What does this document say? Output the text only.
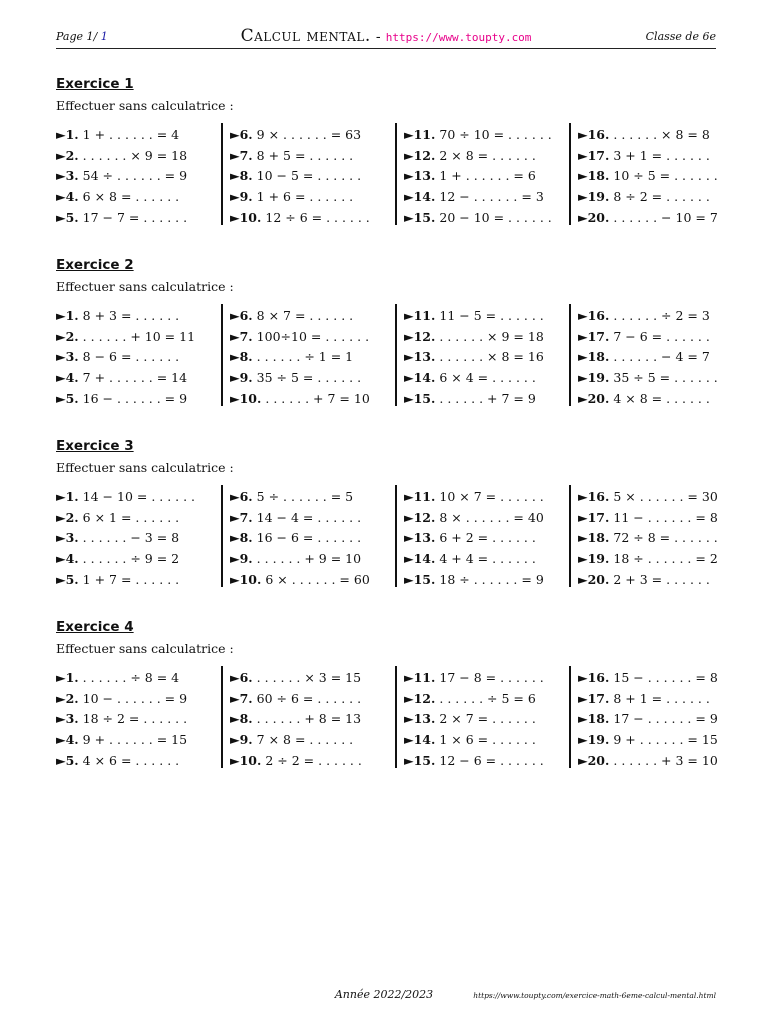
Page 1/ 1	Calcul mental. - https://www.toupty.com	Classe de 6e
Exercice 1
Effectuer sans calculatrice :
►1. 1 + . . . . . . = 4
►2. . . . . . . × 9 = 18
►3. 54 ÷ . . . . . . = 9
►4. 6 × 8 = . . . . . .
►5. 17 − 7 = . . . . . .
►6. 9 × . . . . . . = 63
►7. 8 + 5 = . . . . . .
►8. 10 − 5 = . . . . . .
►9. 1 + 6 = . . . . . .
►10. 12 ÷ 6 = . . . . . .
►11. 70 ÷ 10 = . . . . . .
►12. 2 × 8 = . . . . . .
►13. 1 + . . . . . . = 6
►14. 12 − . . . . . . = 3
►15. 20 − 10 = . . . . . .
►16. . . . . . . × 8 = 8
►17. 3 + 1 = . . . . . .
►18. 10 ÷ 5 = . . . . . .
►19. 8 ÷ 2 = . . . . . .
►20. . . . . . . − 10 = 7
Exercice 2
Effectuer sans calculatrice :
►1. 8 + 3 = . . . . . .
►2. . . . . . . + 10 = 11
►3. 8 − 6 = . . . . . .
►4. 7 + . . . . . . = 14
►5. 16 − . . . . . . = 9
►6. 8 × 7 = . . . . . .
►7. 100÷10 = . . . . . .
►8. . . . . . . ÷ 1 = 1
►9. 35 ÷ 5 = . . . . . .
►10. . . . . . . + 7 = 10
►11. 11 − 5 = . . . . . .
►12. . . . . . . × 9 = 18
►13. . . . . . . × 8 = 16
►14. 6 × 4 = . . . . . .
►15. . . . . . . + 7 = 9
►16. . . . . . . ÷ 2 = 3
►17. 7 − 6 = . . . . . .
►18. . . . . . . − 4 = 7
►19. 35 ÷ 5 = . . . . . .
►20. 4 × 8 = . . . . . .
Exercice 3
Effectuer sans calculatrice :
►1. 14 − 10 = . . . . . .
►2. 6 × 1 = . . . . . .
►3. . . . . . . − 3 = 8
►4. . . . . . . ÷ 9 = 2
►5. 1 + 7 = . . . . . .
►6. 5 ÷ . . . . . . = 5
►7. 14 − 4 = . . . . . .
►8. 16 − 6 = . . . . . .
►9. . . . . . . + 9 = 10
►10. 6 × . . . . . . = 60
►11. 10 × 7 = . . . . . .
►12. 8 × . . . . . . = 40
►13. 6 + 2 = . . . . . .
►14. 4 + 4 = . . . . . .
►15. 18 ÷ . . . . . . = 9
►16. 5 × . . . . . . = 30
►17. 11 − . . . . . . = 8
►18. 72 ÷ 8 = . . . . . .
►19. 18 ÷ . . . . . . = 2
►20. 2 + 3 = . . . . . .
Exercice 4
Effectuer sans calculatrice :
►1. . . . . . . ÷ 8 = 4
►2. 10 − . . . . . . = 9
►3. 18 ÷ 2 = . . . . . .
►4. 9 + . . . . . . = 15
►5. 4 × 6 = . . . . . .
►6. . . . . . . × 3 = 15
►7. 60 ÷ 6 = . . . . . .
►8. . . . . . . + 8 = 13
►9. 7 × 8 = . . . . . .
►10. 2 ÷ 2 = . . . . . .
►11. 17 − 8 = . . . . . .
►12. . . . . . . ÷ 5 = 6
►13. 2 × 7 = . . . . . .
►14. 1 × 6 = . . . . . .
►15. 12 − 6 = . . . . . .
►16. 15 − . . . . . . = 8
►17. 8 + 1 = . . . . . .
►18. 17 − . . . . . . = 9
►19. 9 + . . . . . . = 15
►20. . . . . . . + 3 = 10
Année 2022/2023	https://www.toupty.com/exercice-math-6eme-calcul-mental.html
